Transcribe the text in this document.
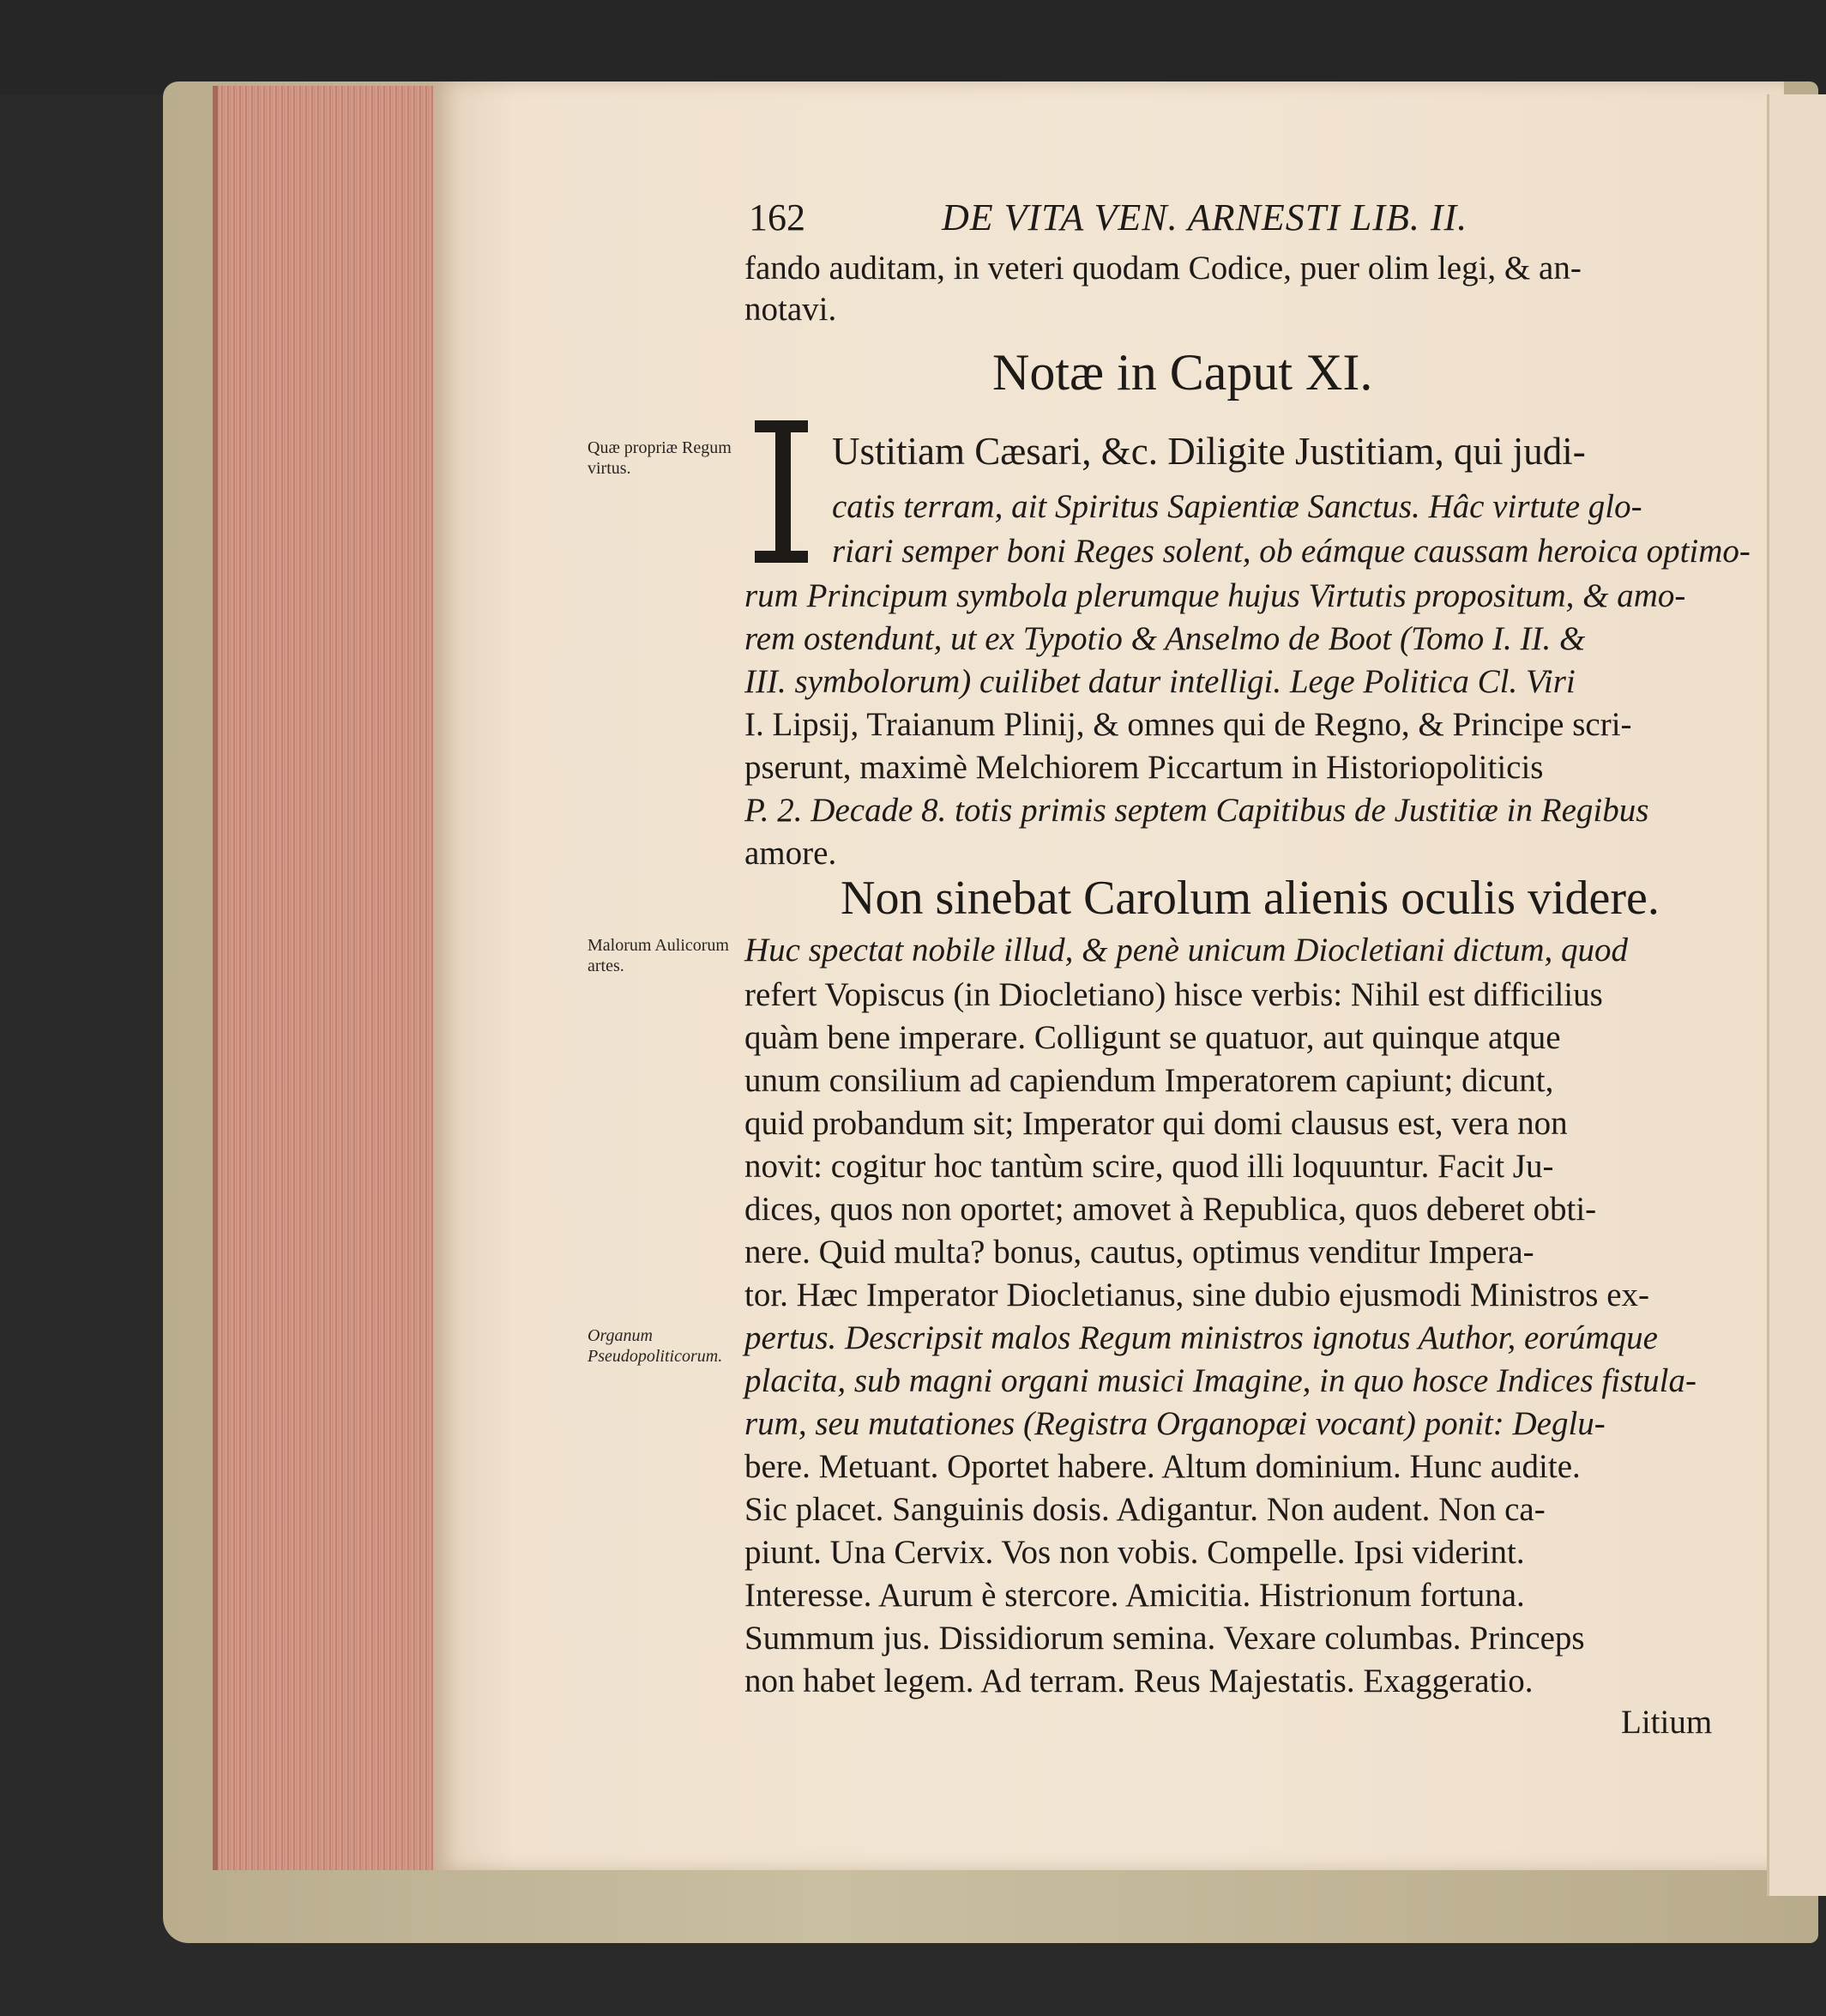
162	DE VITA VEN. ARNESTI LIB. II.
fando auditam, in veteri quodam Codice, puer olim legi, & an-
notavi.
Notæ in Caput XI.
Quæ propriæ Regum virtus.
Malorum Aulicorum artes.
Organum Pseudopoliticorum.
Ustitiam Cæsari, &c. Diligite Justitiam, qui judi-
catis terram, ait Spiritus Sapientiæ Sanctus. Hâc virtute glo-
riari semper boni Reges solent, ob eámque caussam heroica optimo-
rum Principum symbola plerumque hujus Virtutis propositum, & amo-
rem ostendunt, ut ex Typotio & Anselmo de Boot (Tomo I. II. &
III. symbolorum) cuilibet datur intelligi. Lege Politica Cl. Viri
I. Lipsij, Traianum Plinij, & omnes qui de Regno, & Principe scri-
pserunt, maximè Melchiorem Piccartum in Historiopoliticis
P. 2. Decade 8. totis primis septem Capitibus de Justitiæ in Regibus
amore.
Non sinebat Carolum alienis oculis videre.
Huc spectat nobile illud, & penè unicum Diocletiani dictum, quod
refert Vopiscus (in Diocletiano) hisce verbis: Nihil est difficilius
quàm bene imperare. Colligunt se quatuor, aut quinque atque
unum consilium ad capiendum Imperatorem capiunt; dicunt,
quid probandum sit; Imperator qui domi clausus est, vera non
novit: cogitur hoc tantùm scire, quod illi loquuntur. Facit Ju-
dices, quos non oportet; amovet à Republica, quos deberet obti-
nere. Quid multa? bonus, cautus, optimus venditur Impera-
tor. Hæc Imperator Diocletianus, sine dubio ejusmodi Ministros ex-
pertus. Descripsit malos Regum ministros ignotus Author, eorúmque
placita, sub magni organi musici Imagine, in quo hosce Indices fistula-
rum, seu mutationes (Registra Organopæi vocant) ponit: Deglu-
bere. Metuant. Oportet habere. Altum dominium. Hunc audite.
Sic placet. Sanguinis dosis. Adigantur. Non audent. Non ca-
piunt. Una Cervix. Vos non vobis. Compelle. Ipsi viderint.
Interesse. Aurum è stercore. Amicitia. Histrionum fortuna.
Summum jus. Dissidiorum semina. Vexare columbas. Princeps
non habet legem. Ad terram. Reus Majestatis. Exaggeratio.
Litium
